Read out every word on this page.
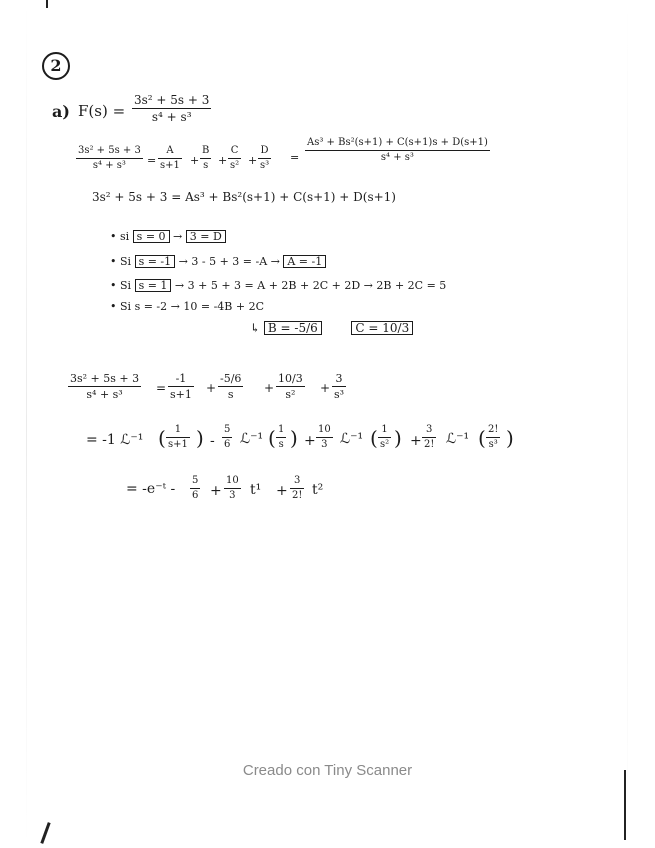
2
a) F(s) =
3s² + 5s + 3
s⁴ + s³
3s² + 5s + 3
s⁴ + s³	=
A
s+1 +
B
s +
C
s² +
D
s³
=
As³ + Bs²(s+1) + C(s+1)s + D(s+1)
s⁴ + s³
3s² + 5s + 3 = As³ + Bs²(s+1) + C(s+1) + D(s+1)
• si s = 0 → 3 = D
• Si s = -1 → 3 - 5 + 3 = -A → A = -1
• Si s = 1 → 3 + 5 + 3 = A + 2B + 2C + 2D → 2B + 2C = 5
• Si s = -2 → 10 = -4B + 2C
↳ B = -5/6	C = 10/3
3s² + 5s + 3
s⁴ + s³	=
-1
s+1 +
-5/6
s	+
10/3
s²	+
3
s³
= -1 ℒ⁻¹ ( 1
s+1 ) -
5
6 ℒ⁻¹ ( 1
s ) +
10
3 ℒ⁻¹ ( 1
s² ) +
3
2! ℒ⁻¹ ( 2!
s³ )
= -e⁻ᵗ -
5
6 +
10
3	t¹ +
3
2! t²
Creado con Tiny Scanner
